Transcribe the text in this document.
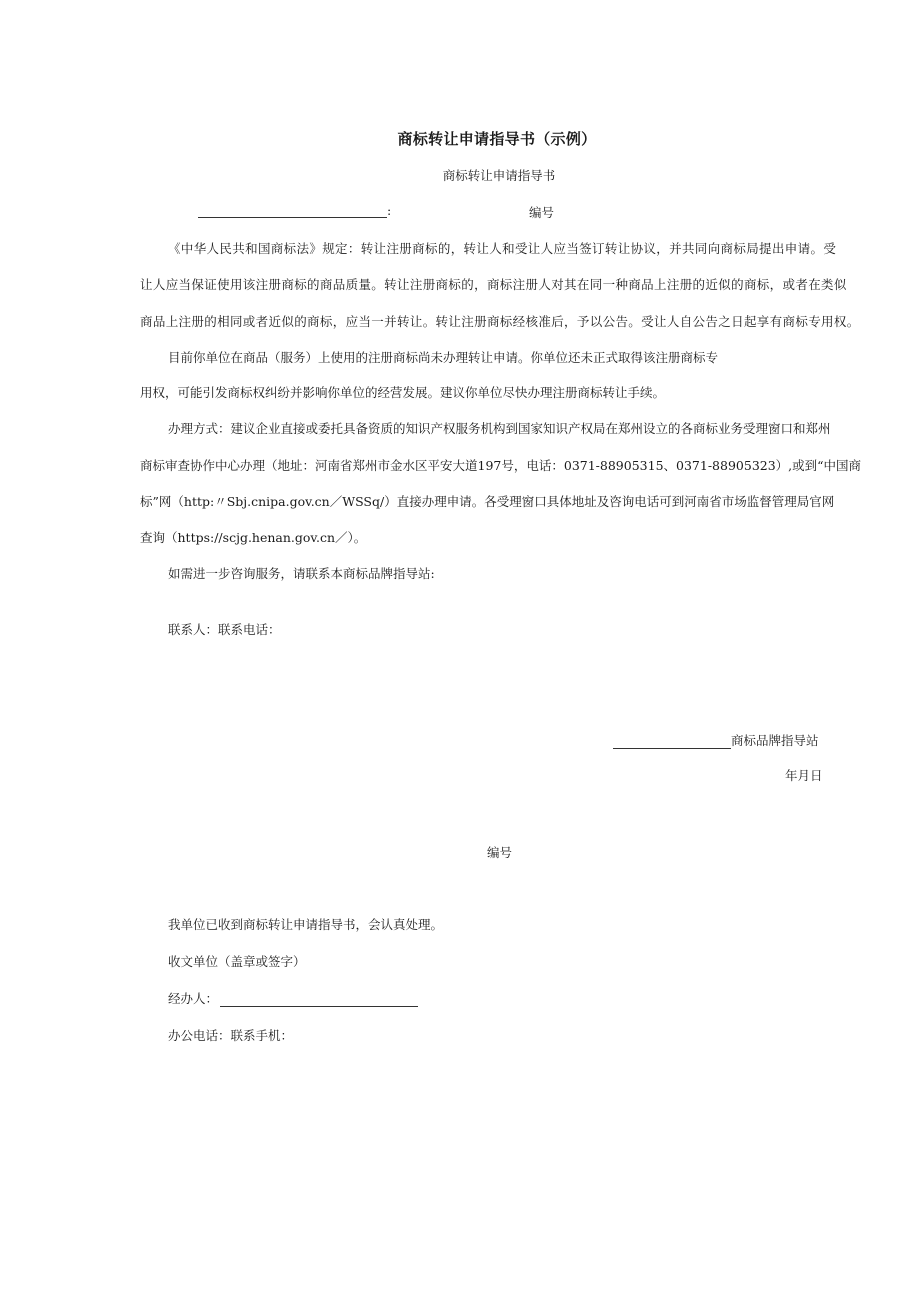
商标转让申请指导书（示例）
商标转让申请指导书
:	编号
《中华人民共和国商标法》规定：转让注册商标的，转让人和受让人应当签订转让协议，并共同向商标局提出申请。受
让人应当保证使用该注册商标的商品质量。转让注册商标的，商标注册人对其在同一种商品上注册的近似的商标，或者在类似
商品上注册的相同或者近似的商标，应当一并转让。转让注册商标经核准后，予以公告。受让人自公告之日起享有商标专用权。
目前你单位在商品（服务）上使用的注册商标尚未办理转让申请。你单位还未正式取得该注册商标专
用权，可能引发商标权纠纷并影响你单位的经营发展。建议你单位尽快办理注册商标转让手续。
办理方式：建议企业直接或委托具备资质的知识产权服务机构到国家知识产权局在郑州设立的各商标业务受理窗口和郑州
商标审查协作中心办理（地址：河南省郑州市金水区平安大道197号，电话：0371-88905315、0371-88905323）,或到“中国商
标”网（http:〃Sbj.cnipa.gov.cn／WSSq/）直接办理申请。各受理窗口具体地址及咨询电话可到河南省市场监督管理局官网
查询（https://scjg.henan.gov.cn／）。
如需进一步咨询服务，请联系本商标品牌指导站:
联系人：联系电话：
商标品牌指导站
年月日
编号
我单位已收到商标转让申请指导书，会认真处理。
收文单位（盖章或签字）
经办人：
办公电话：联系手机：
